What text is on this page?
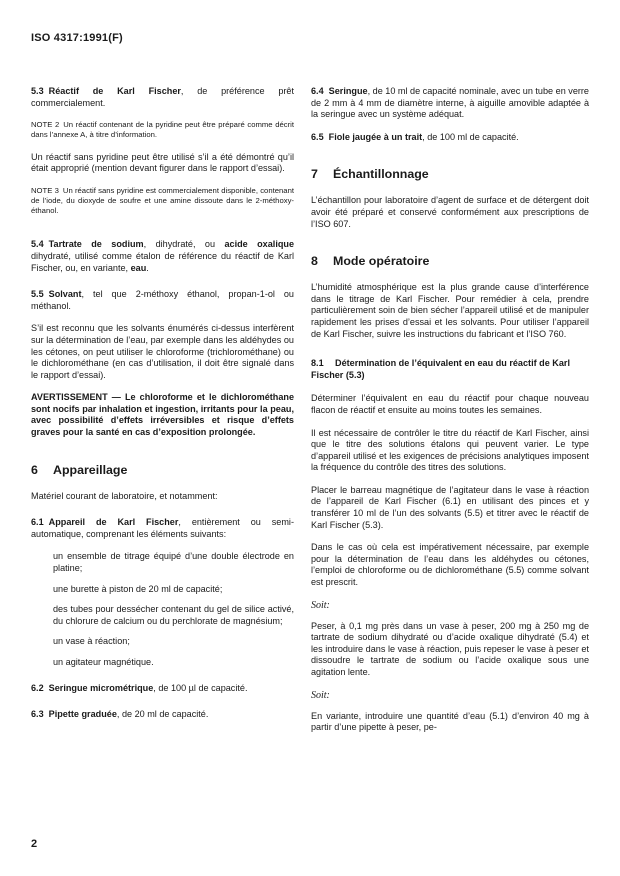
ISO 4317:1991(F)

5.3 Réactif de Karl Fischer, de préférence prêt commercialement.

NOTE 2 Un réactif contenant de la pyridine peut être préparé comme décrit dans l’annexe A, à titre d’information.

Un réactif sans pyridine peut être utilisé s’il a été démontré qu’il était approprié (mention devant figurer dans le rapport d’essai).

NOTE 3 Un réactif sans pyridine est commercialement disponible, contenant de l’iode, du dioxyde de soufre et une amine dissoute dans le 2-méthoxy-éthanol.

5.4 Tartrate de sodium, dihydraté, ou acide oxalique dihydraté, utilisé comme étalon de référence du réactif de Karl Fischer, ou, en variante, eau.

5.5 Solvant, tel que 2-méthoxy éthanol, propan-1-ol ou méthanol.

S’il est reconnu que les solvants énumérés ci-dessus interfèrent sur la détermination de l’eau, par exemple dans les aldéhydes ou les cétones, on peut utiliser le chloroforme (trichlorométhane) ou le dichlorométhane (en cas d’utilisation, il doit être signalé dans le rapport d’essai).

AVERTISSEMENT — Le chloroforme et le dichlorométhane sont nocifs par inhalation et ingestion, irritants pour la peau, avec possibilité d’effets irréversibles et risque d’effets graves pour la santé en cas d’exposition prolongée.

6 Appareillage

Matériel courant de laboratoire, et notamment:

6.1 Appareil de Karl Fischer, entièrement ou semi-automatique, comprenant les éléments suivants:

un ensemble de titrage équipé d’une double électrode en platine;
une burette à piston de 20 ml de capacité;
des tubes pour dessécher contenant du gel de silice activé, du chlorure de calcium ou du perchlorate de magnésium;
un vase à réaction;
un agitateur magnétique.

6.2 Seringue micrométrique, de 100 µl de capacité.

6.3 Pipette graduée, de 20 ml de capacité.

6.4 Seringue, de 10 ml de capacité nominale, avec un tube en verre de 2 mm à 4 mm de diamètre interne, à aiguille amovible adaptée à la seringue avec un système adéquat.

6.5 Fiole jaugée à un trait, de 100 ml de capacité.

7 Échantillonnage

L’échantillon pour laboratoire d’agent de surface et de détergent doit avoir été préparé et conservé conformément aux prescriptions de l’ISO 607.

8 Mode opératoire

L’humidité atmosphérique est la plus grande cause d’interférence dans le titrage de Karl Fischer. Pour remédier à cela, prendre particulièrement soin de bien sécher l’appareil utilisé et de manipuler rapidement les prises d’essai et les solvants. Pour utiliser l’appareil de Karl Fischer, suivre les instructions du fabricant et l’ISO 760.

8.1 Détermination de l’équivalent en eau du réactif de Karl Fischer (5.3)

Déterminer l’équivalent en eau du réactif pour chaque nouveau flacon de réactif et ensuite au moins toutes les semaines.

Il est nécessaire de contrôler le titre du réactif de Karl Fischer, ainsi que le titre des solutions étalons qui peuvent varier. Le type d’appareil utilisé et les exigences de précisions analytiques imposent la fréquence du contrôle des titres des solutions.

Placer le barreau magnétique de l’agitateur dans le vase à réaction de l’appareil de Karl Fischer (6.1) en utilisant des pinces et y transférer 10 ml de l’un des solvants (5.5) et titrer avec le réactif de Karl Fischer (5.3).

Dans le cas où cela est impérativement nécessaire, par exemple pour la détermination de l’eau dans les aldéhydes ou cétones, l’emploi de chloroforme ou de dichlorométhane (5.5) comme solvant est prescrit.

Soit:

Peser, à 0,1 mg près dans un vase à peser, 200 mg à 250 mg de tartrate de sodium dihydraté ou d’acide oxalique dihydraté (5.4) et les introduire dans le vase à réaction, puis repeser le vase à peser et dissoudre le tartrate de sodium ou l’acide oxalique sous une agitation lente.

Soit:

En variante, introduire une quantité d’eau (5.1) d’environ 40 mg à partir d’une pipette à peser, pe-

2
